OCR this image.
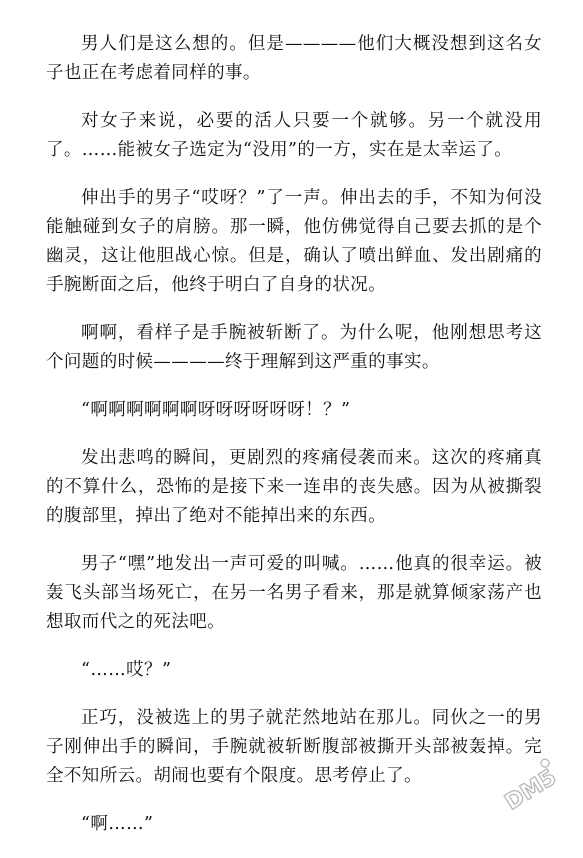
男人们是这么想的。但是————他们大概没想到这名女子也正在考虑着同样的事。

对女子来说，必要的活人只要一个就够。另一个就没用了。……能被女子选定为“没用”的一方，实在是太幸运了。

伸出手的男子“哎呀？”了一声。伸出去的手，不知为何没能触碰到女子的肩膀。那一瞬，他仿佛觉得自己要去抓的是个幽灵，这让他胆战心惊。但是，确认了喷出鲜血、发出剧痛的手腕断面之后，他终于明白了自身的状况。

啊啊，看样子是手腕被斩断了。为什么呢，他刚想思考这个问题的时候————终于理解到这严重的事实。

“啊啊啊啊啊啊呀呀呀呀呀呀！？”

发出悲鸣的瞬间，更剧烈的疼痛侵袭而来。这次的疼痛真的不算什么，恐怖的是接下来一连串的丧失感。因为从被撕裂的腹部里，掉出了绝对不能掉出来的东西。

男子“嘿”地发出一声可爱的叫喊。……他真的很幸运。被轰飞头部当场死亡，在另一名男子看来，那是就算倾家荡产也想取而代之的死法吧。

“……哎？”

正巧，没被选上的男子就茫然地站在那儿。同伙之一的男子刚伸出手的瞬间，手腕就被斩断腹部被撕开头部被轰掉。完全不知所云。胡闹也要有个限度。思考停止了。

“啊……”

DM5
